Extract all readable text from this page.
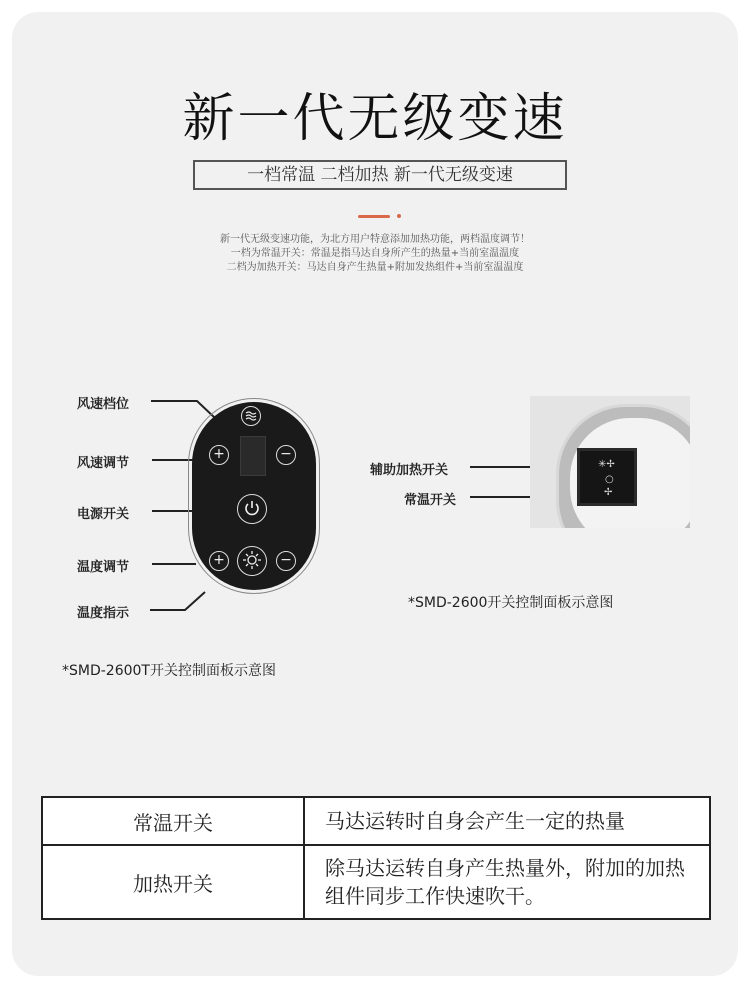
新一代无级变速
一档常温 二档加热 新一代无级变速
新一代无级变速功能，为北方用户特意添加加热功能，两档温度调节！
一档为常温开关：常温是指马达自身所产生的热量+当前室温温度
二档为加热开关：马达自身产生热量+附加发热组件+当前室温温度
+	−
+	−
风速档位
风速调节
电源开关
温度调节
温度指示
*SMD-2600T开关控制面板示意图
✳✢
○
✢
辅助加热开关
常温开关
*SMD-2600开关控制面板示意图
常温开关	马达运转时自身会产生一定的热量
加热开关	除马达运转自身产生热量外，附加的加热组件同步工作快速吹干。
